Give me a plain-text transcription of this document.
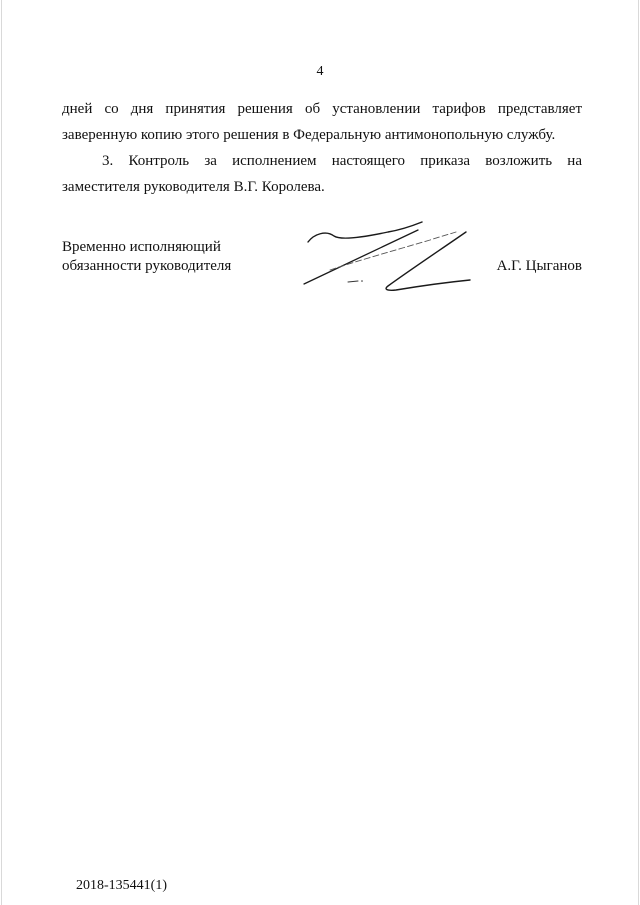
4
дней со дня принятия решения об установлении тарифов представляет
заверенную копию этого решения в Федеральную антимонопольную службу.
3. Контроль за исполнением настоящего приказа возложить на
заместителя руководителя В.Г. Королева.
Временно исполняющий
обязанности руководителя	А.Г. Цыганов
2018-135441(1)
